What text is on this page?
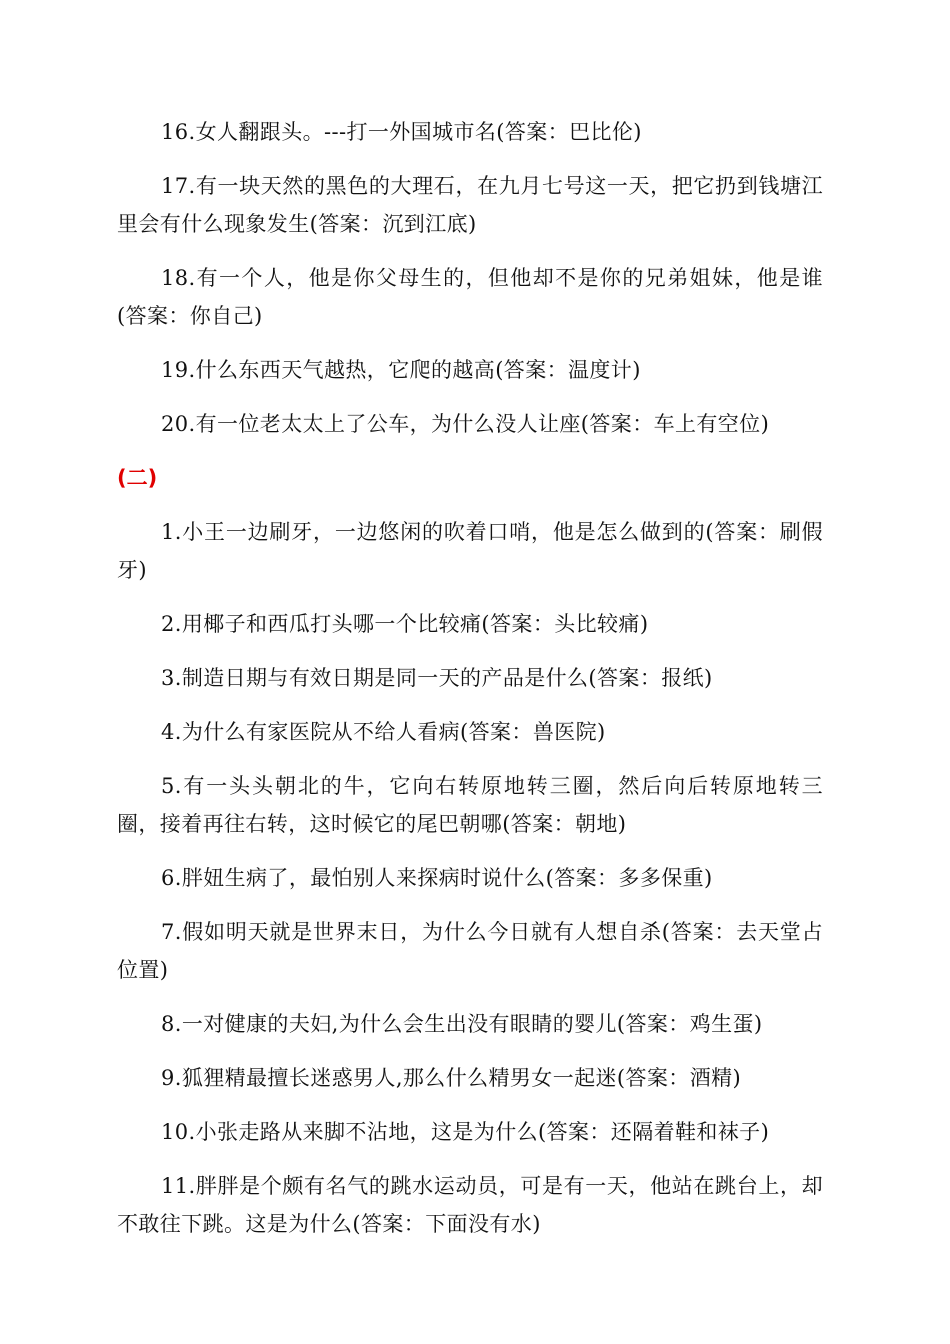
16.女人翻跟头。---打一外国城市名(答案：巴比伦)

17.有一块天然的黑色的大理石，在九月七号这一天，把它扔到钱塘江里会有什么现象发生(答案：沉到江底)

18.有一个人，他是你父母生的，但他却不是你的兄弟姐妹，他是谁(答案：你自己)

19.什么东西天气越热，它爬的越高(答案：温度计)

20.有一位老太太上了公车，为什么没人让座(答案：车上有空位)

(二)

1.小王一边刷牙，一边悠闲的吹着口哨，他是怎么做到的(答案：刷假牙)

2.用椰子和西瓜打头哪一个比较痛(答案：头比较痛)

3.制造日期与有效日期是同一天的产品是什么(答案：报纸)

4.为什么有家医院从不给人看病(答案：兽医院)

5.有一头头朝北的牛，它向右转原地转三圈，然后向后转原地转三圈，接着再往右转，这时候它的尾巴朝哪(答案：朝地)

6.胖妞生病了，最怕别人来探病时说什么(答案：多多保重)

7.假如明天就是世界末日，为什么今日就有人想自杀(答案：去天堂占位置)

8.一对健康的夫妇,为什么会生出没有眼睛的婴儿(答案：鸡生蛋)

9.狐狸精最擅长迷惑男人,那么什么精男女一起迷(答案：酒精)

10.小张走路从来脚不沾地，这是为什么(答案：还隔着鞋和袜子)

11.胖胖是个颇有名气的跳水运动员，可是有一天，他站在跳台上，却不敢往下跳。这是为什么(答案：下面没有水)
